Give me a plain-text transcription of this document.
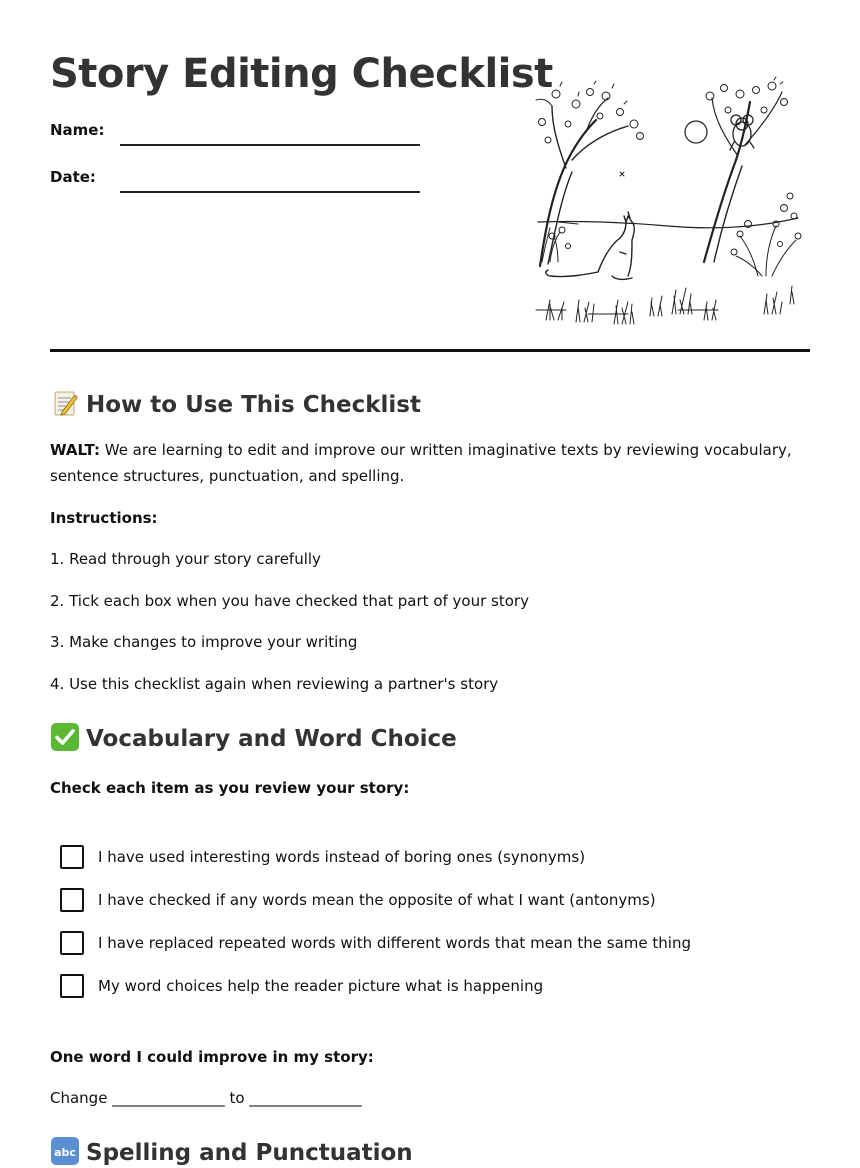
Story Editing Checklist
Name:
Date:
How to Use This Checklist

WALT: We are learning to edit and improve our written imaginative texts by reviewing vocabulary, sentence structures, punctuation, and spelling.

Instructions:
1. Read through your story carefully
2. Tick each box when you have checked that part of your story
3. Make changes to improve your writing
4. Use this checklist again when reviewing a partner's story
Vocabulary and Word Choice
Check each item as you review your story:
I have used interesting words instead of boring ones (synonyms)
I have checked if any words mean the opposite of what I want (antonyms)
I have replaced repeated words with different words that mean the same thing
My word choices help the reader picture what is happening
One word I could improve in my story:
Change _______________ to _______________
abc Spelling and Punctuation
